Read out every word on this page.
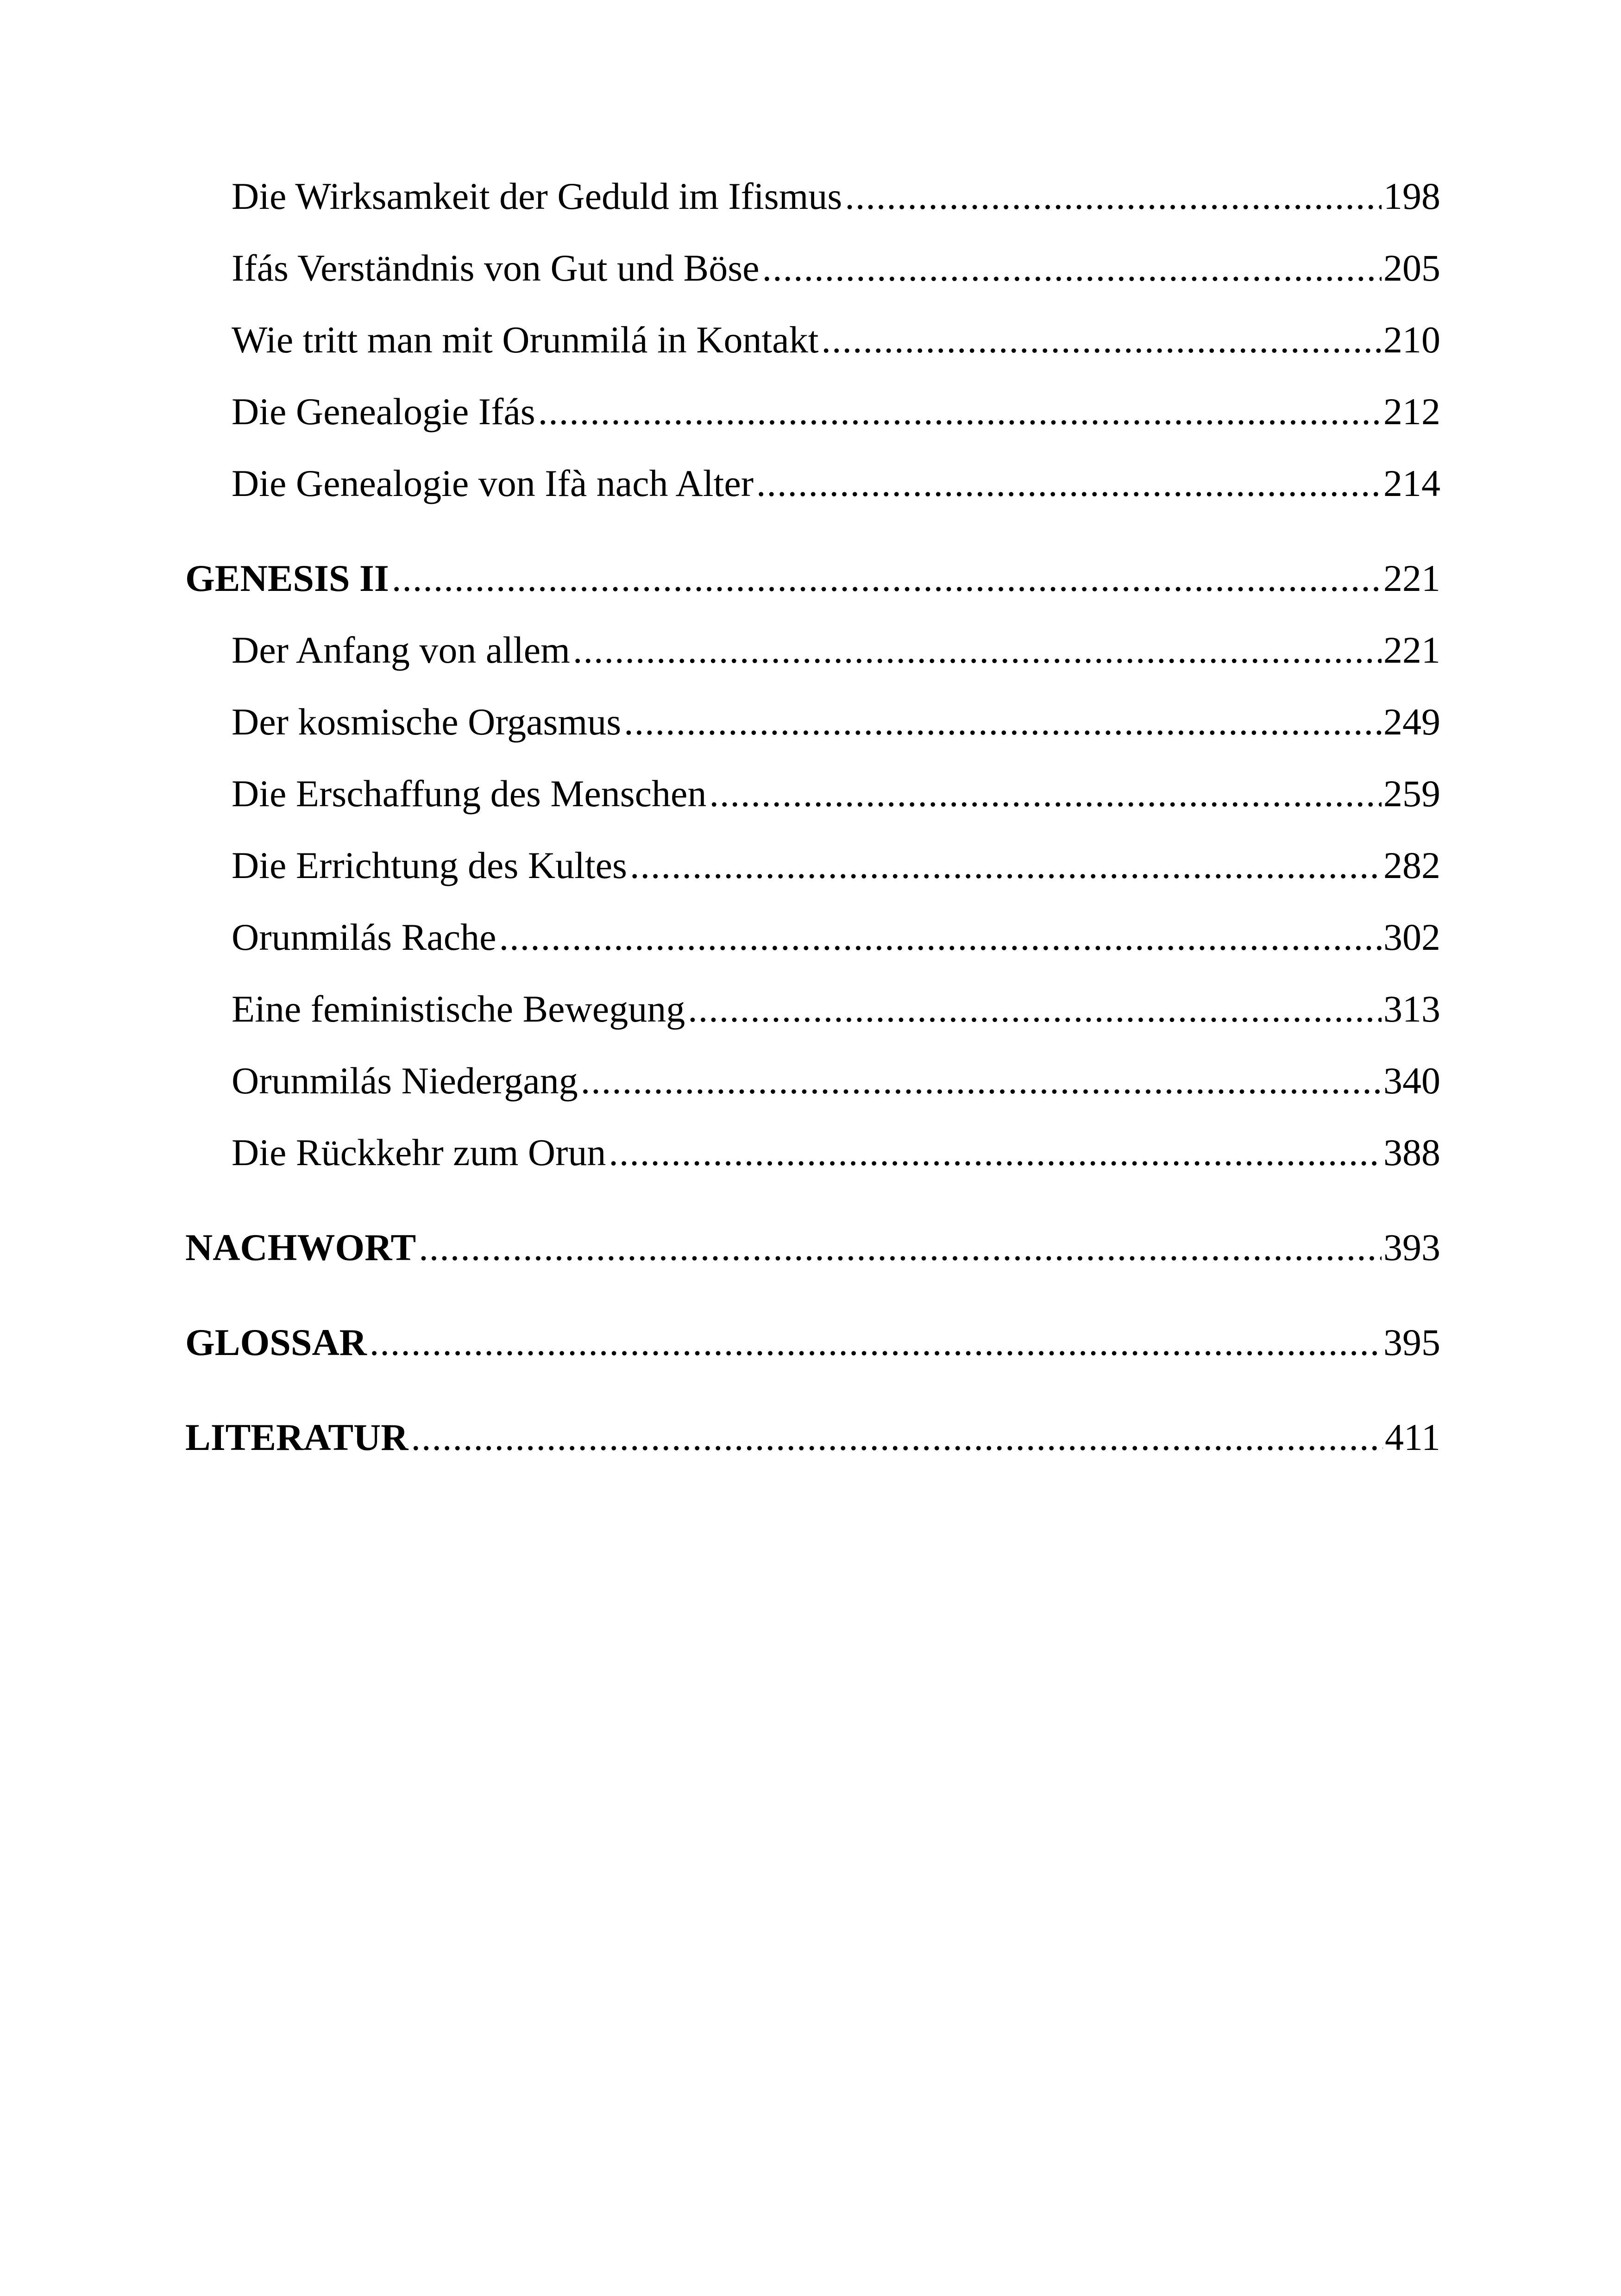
Die Wirksamkeit der Geduld im Ifismus .....	198
Ifás Verständnis von Gut und Böse .....	205
Wie tritt man mit Orunmilá in Kontakt .....	210
Die Genealogie Ifás .....	212
Die Genealogie von Ifà nach Alter .....	214
GENESIS II .....	221
Der Anfang von allem .....	221
Der kosmische Orgasmus .....	249
Die Erschaffung des Menschen .....	259
Die Errichtung des Kultes .....	282
Orunmilás Rache .....	302
Eine feministische Bewegung .....	313
Orunmilás Niedergang .....	340
Die Rückkehr zum Orun .....	388
NACHWORT .....	393
GLOSSAR .....	395
LITERATUR .....	411
